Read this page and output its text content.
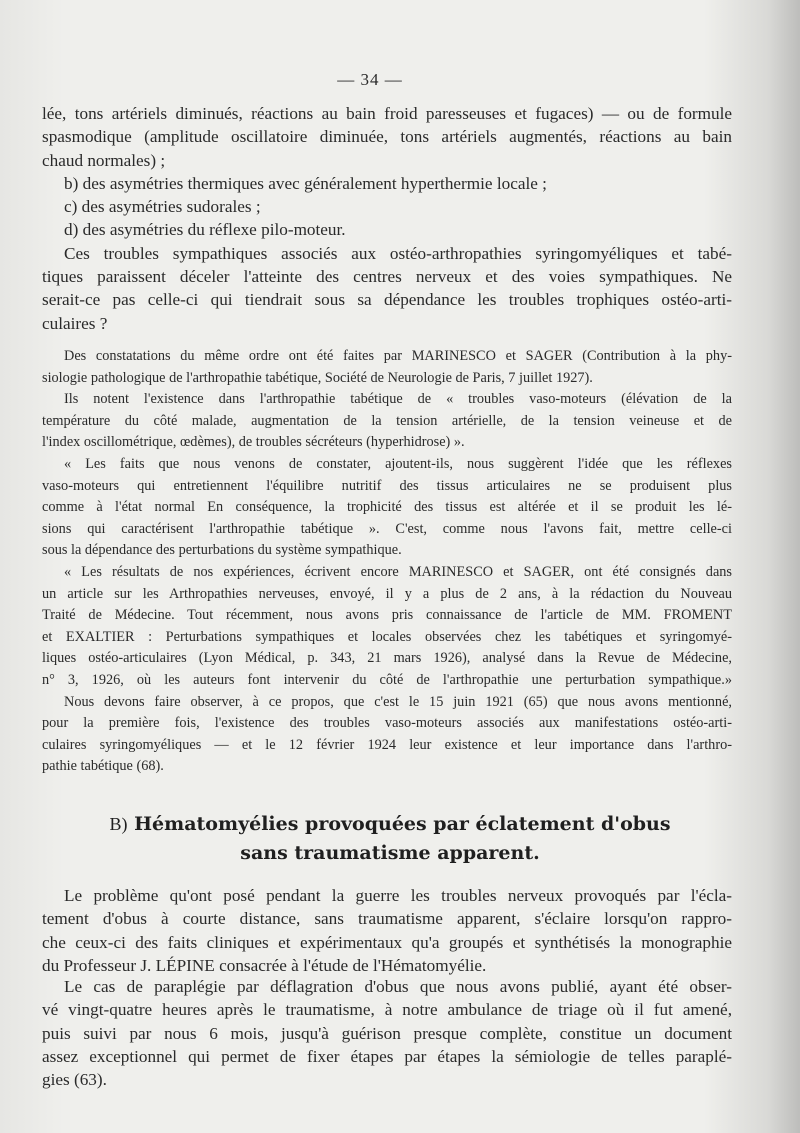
— 34 —
lée, tons artériels diminués, réactions au bain froid paresseuses et fugaces) — ou de formule
spasmodique (amplitude oscillatoire diminuée, tons artériels augmentés, réactions au bain
chaud normales) ;
b) des asymétries thermiques avec généralement hyperthermie locale ;
c) des asymétries sudorales ;
d) des asymétries du réflexe pilo-moteur.
Ces troubles sympathiques associés aux ostéo-arthropathies syringomyéliques et tabé-
tiques paraissent déceler l'atteinte des centres nerveux et des voies sympathiques. Ne
serait-ce pas celle-ci qui tiendrait sous sa dépendance les troubles trophiques ostéo-arti-
culaires ?
Des constatations du même ordre ont été faites par MARINESCO et SAGER (Contribution à la phy-
siologie pathologique de l'arthropathie tabétique, Société de Neurologie de Paris, 7 juillet 1927).
Ils notent l'existence dans l'arthropathie tabétique de « troubles vaso-moteurs (élévation de la
température du côté malade, augmentation de la tension artérielle, de la tension veineuse et de
l'index oscillométrique, œdèmes), de troubles sécréteurs (hyperhidrose) ».
« Les faits que nous venons de constater, ajoutent-ils, nous suggèrent l'idée que les réflexes
vaso-moteurs qui entretiennent l'équilibre nutritif des tissus articulaires ne se produisent plus
comme à l'état normal En conséquence, la trophicité des tissus est altérée et il se produit les lé-
sions qui caractérisent l'arthropathie tabétique ». C'est, comme nous l'avons fait, mettre celle-ci
sous la dépendance des perturbations du système sympathique.
« Les résultats de nos expériences, écrivent encore MARINESCO et SAGER, ont été consignés dans
un article sur les Arthropathies nerveuses, envoyé, il y a plus de 2 ans, à la rédaction du Nouveau
Traité de Médecine. Tout récemment, nous avons pris connaissance de l'article de MM. FROMENT
et EXALTIER : Perturbations sympathiques et locales observées chez les tabétiques et syringomyé-
liques ostéo-articulaires (Lyon Médical, p. 343, 21 mars 1926), analysé dans la Revue de Médecine,
n° 3, 1926, où les auteurs font intervenir du côté de l'arthropathie une perturbation sympathique.»
Nous devons faire observer, à ce propos, que c'est le 15 juin 1921 (65) que nous avons mentionné,
pour la première fois, l'existence des troubles vaso-moteurs associés aux manifestations ostéo-arti-
culaires syringomyéliques — et le 12 février 1924 leur existence et leur importance dans l'arthro-
pathie tabétique (68).
B) Hématomyélies provoquées par éclatement d'obus
sans traumatisme apparent.
Le problème qu'ont posé pendant la guerre les troubles nerveux provoqués par l'écla-
tement d'obus à courte distance, sans traumatisme apparent, s'éclaire lorsqu'on rappro-
che ceux-ci des faits cliniques et expérimentaux qu'a groupés et synthétisés la monographie
du Professeur J. LÉPINE consacrée à l'étude de l'Hématomyélie.
Le cas de paraplégie par déflagration d'obus que nous avons publié, ayant été obser-
vé vingt-quatre heures après le traumatisme, à notre ambulance de triage où il fut amené,
puis suivi par nous 6 mois, jusqu'à guérison presque complète, constitue un document
assez exceptionnel qui permet de fixer étapes par étapes la sémiologie de telles paraplé-
gies (63).
